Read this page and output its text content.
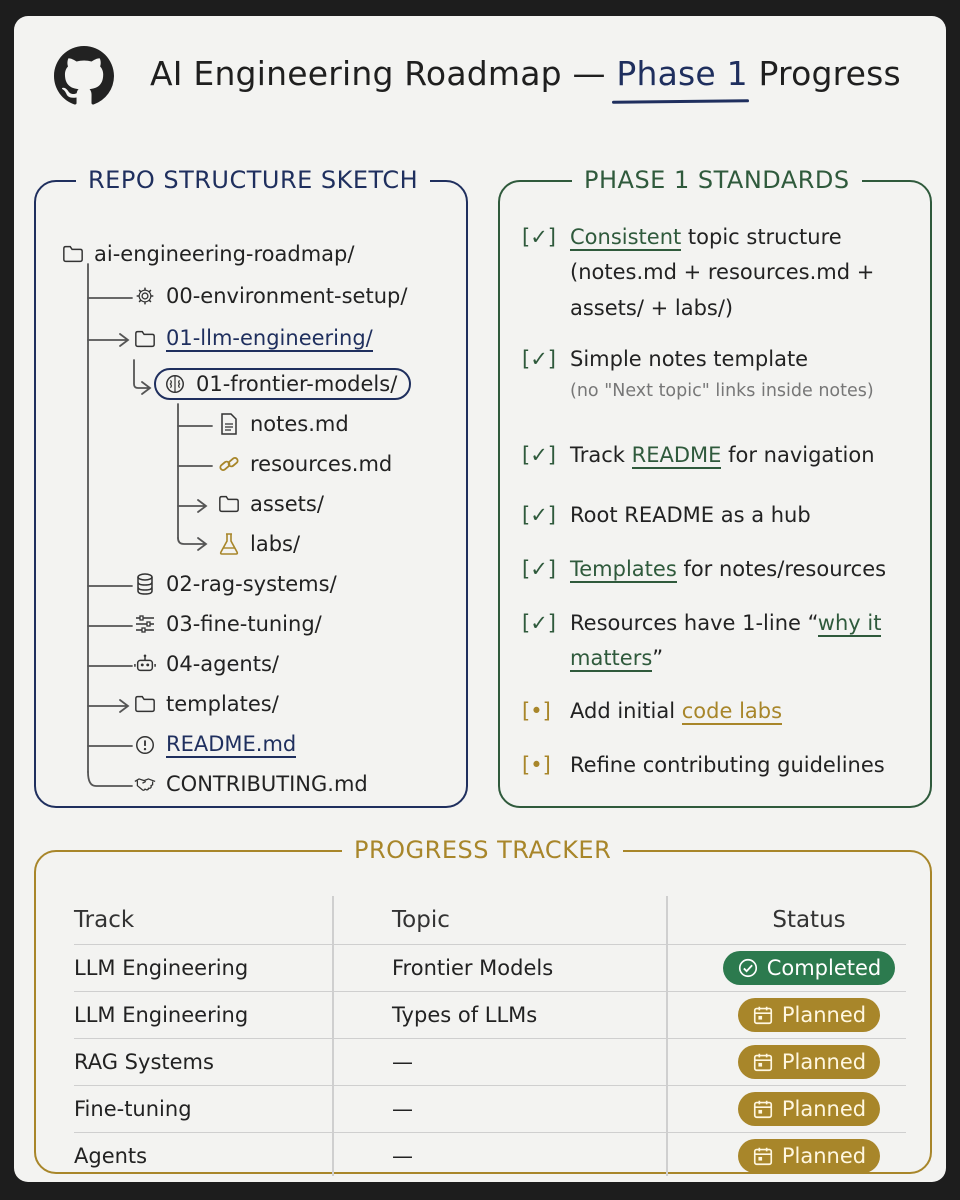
AI Engineering Roadmap — Phase 1 Progress
REPO STRUCTURE SKETCH
ai-engineering-roadmap/
00-environment-setup/
01-llm-engineering/
01-frontier-models/
notes.md
resources.md
assets/
labs/
02-rag-systems/
03-fine-tuning/
04-agents/
templates/
README.md
CONTRIBUTING.md
PHASE 1 STANDARDS
[✓] Consistent topic structure (notes.md + resources.md + assets/ + labs/)
[✓] Simple notes template
(no "Next topic" links inside notes)
[✓] Track README for navigation
[✓] Root README as a hub
[✓] Templates for notes/resources
[✓] Resources have 1-line “why it matters”
[•] Add initial code labs
[•] Refine contributing guidelines
PROGRESS TRACKER
Track	Topic	Status
LLM Engineering	Frontier Models	Completed
LLM Engineering	Types of LLMs	Planned
RAG Systems	—	Planned
Fine-tuning	—	Planned
Agents	—	Planned
